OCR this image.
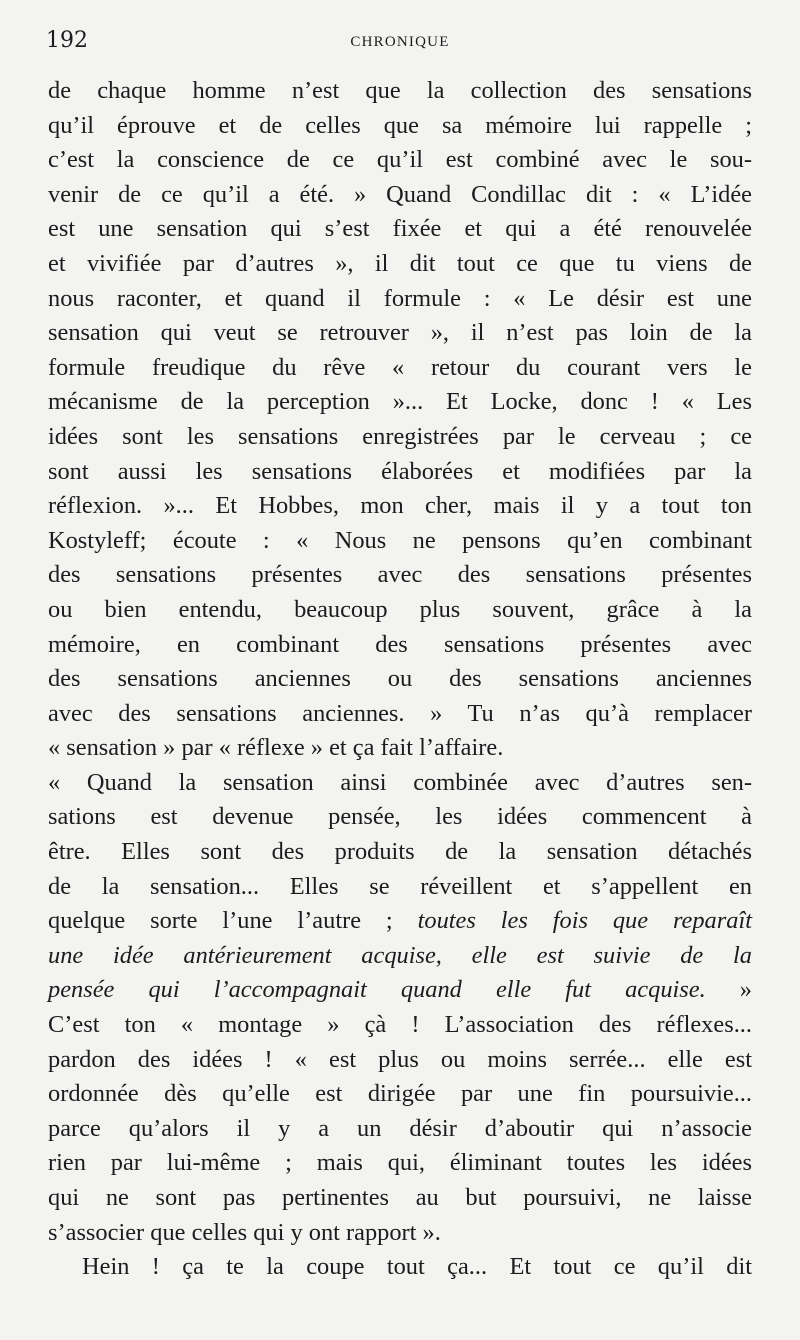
192	CHRONIQUE
de chaque homme n’est que la collection des sensations
qu’il éprouve et de celles que sa mémoire lui rappelle ;
c’est la conscience de ce qu’il est combiné avec le sou-
venir de ce qu’il a été. » Quand Condillac dit : « L’idée
est une sensation qui s’est fixée et qui a été renouvelée
et vivifiée par d’autres », il dit tout ce que tu viens de
nous raconter, et quand il formule : « Le désir est une
sensation qui veut se retrouver », il n’est pas loin de la
formule freudique du rêve « retour du courant vers le
mécanisme de la perception »... Et Locke, donc ! « Les
idées sont les sensations enregistrées par le cerveau ; ce
sont aussi les sensations élaborées et modifiées par la
réflexion. »... Et Hobbes, mon cher, mais il y a tout ton
Kostyleff; écoute : « Nous ne pensons qu’en combinant
des sensations présentes avec des sensations présentes
ou bien entendu, beaucoup plus souvent, grâce à la
mémoire, en combinant des sensations présentes avec
des sensations anciennes ou des sensations anciennes
avec des sensations anciennes. » Tu n’as qu’à remplacer
« sensation » par « réflexe » et ça fait l’affaire.
« Quand la sensation ainsi combinée avec d’autres sen-
sations est devenue pensée, les idées commencent à
être. Elles sont des produits de la sensation détachés
de la sensation... Elles se réveillent et s’appellent en
quelque sorte l’une l’autre ; toutes les fois que reparaît
une idée antérieurement acquise, elle est suivie de la
pensée qui l’accompagnait quand elle fut acquise. »
C’est ton « montage » çà ! L’association des réflexes...
pardon des idées ! « est plus ou moins serrée... elle est
ordonnée dès qu’elle est dirigée par une fin poursuivie...
parce qu’alors il y a un désir d’aboutir qui n’associe
rien par lui-même ; mais qui, éliminant toutes les idées
qui ne sont pas pertinentes au but poursuivi, ne laisse
s’associer que celles qui y ont rapport ».
Hein ! ça te la coupe tout ça... Et tout ce qu’il dit
